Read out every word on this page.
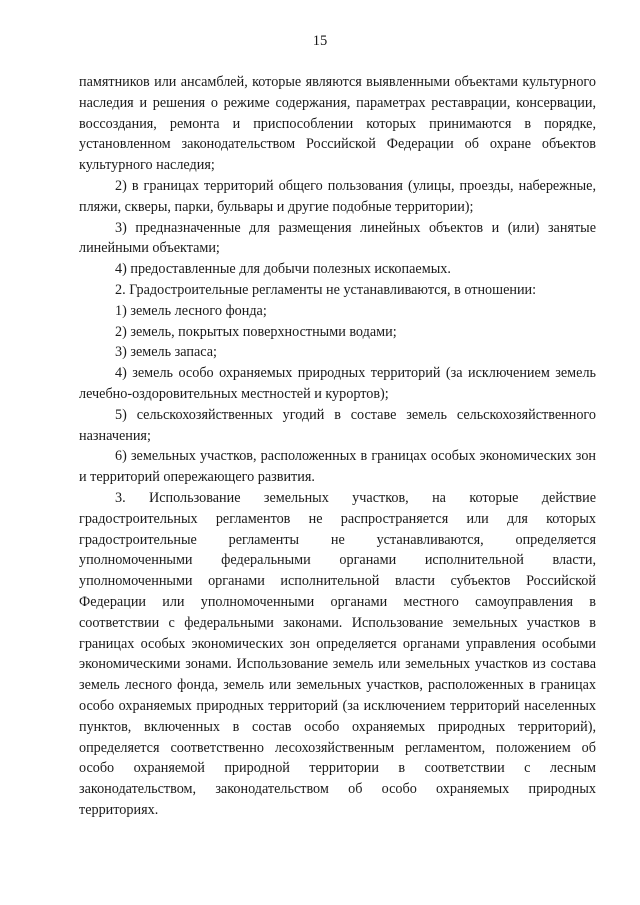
15

памятников или ансамблей, которые являются выявленными объектами культурного наследия и решения о режиме содержания, параметрах реставрации, консервации, воссоздания, ремонта и приспособлении которых принимаются в порядке, установленном законодательством Российской Федерации об охране объектов культурного наследия;

2) в границах территорий общего пользования (улицы, проезды, набережные, пляжи, скверы, парки, бульвары и другие подобные территории);

3) предназначенные для размещения линейных объектов и (или) занятые линейными объектами;

4) предоставленные для добычи полезных ископаемых.

2. Градостроительные регламенты не устанавливаются, в отношении:

1) земель лесного фонда;

2) земель, покрытых поверхностными водами;

3) земель запаса;

4) земель особо охраняемых природных территорий (за исключением земель лечебно-оздоровительных местностей и курортов);

5) сельскохозяйственных угодий в составе земель сельскохозяйственного назначения;

6) земельных участков, расположенных в границах особых экономических зон и территорий опережающего развития.

3. Использование земельных участков, на которые действие градостроительных регламентов не распространяется или для которых градостроительные регламенты не устанавливаются, определяется уполномоченными федеральными органами исполнительной власти, уполномоченными органами исполнительной власти субъектов Российской Федерации или уполномоченными органами местного самоуправления в соответствии с федеральными законами. Использование земельных участков в границах особых экономических зон определяется органами управления особыми экономическими зонами. Использование земель или земельных участков из состава земель лесного фонда, земель или земельных участков, расположенных в границах особо охраняемых природных территорий (за исключением территорий населенных пунктов, включенных в состав особо охраняемых природных территорий), определяется соответственно лесохозяйственным регламентом, положением об особо охраняемой природной территории в соответствии с лесным законодательством, законодательством об особо охраняемых природных территориях.
